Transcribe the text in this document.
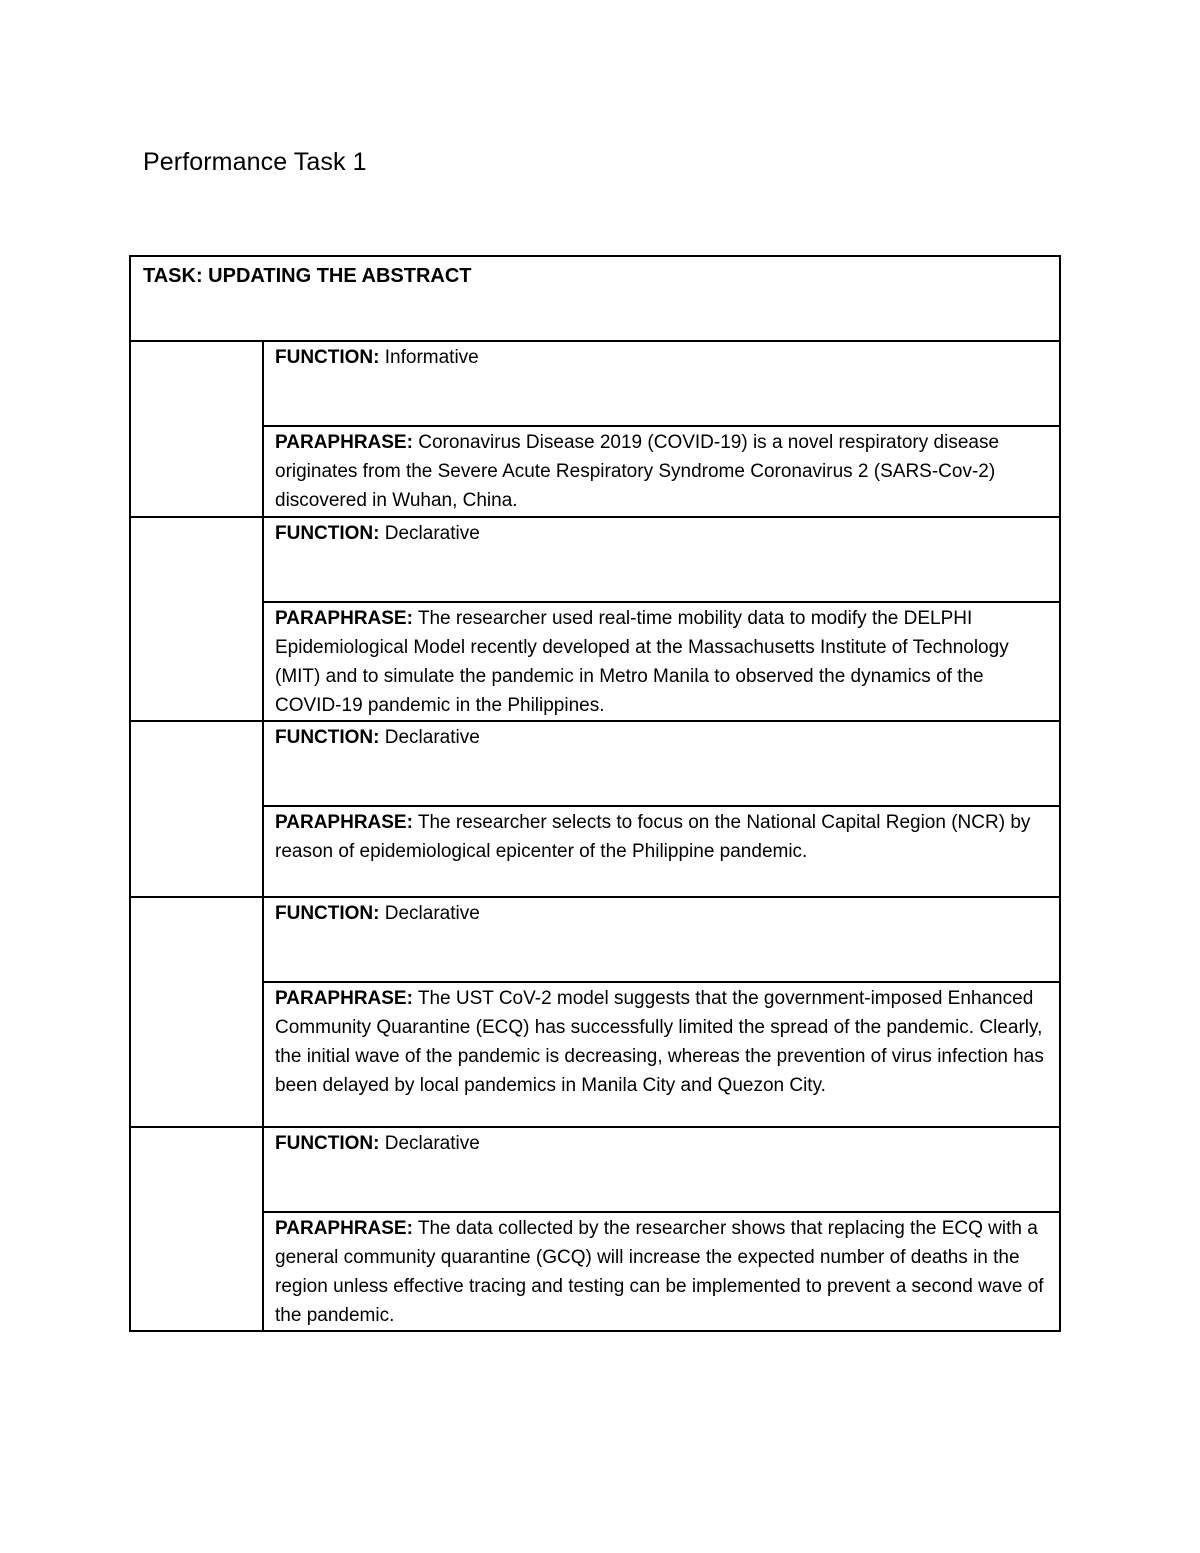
Performance Task 1
TASK: UPDATING THE ABSTRACT	

	FUNCTION: Informative

	PARAPHRASE: Coronavirus Disease 2019 (COVID-19) is a novel respiratory disease originates from the Severe Acute Respiratory Syndrome Coronavirus 2 (SARS-Cov-2) discovered in Wuhan, China.

	FUNCTION: Declarative

	PARAPHRASE: The researcher used real-time mobility data to modify the DELPHI Epidemiological Model recently developed at the Massachusetts Institute of Technology (MIT) and to simulate the pandemic in Metro Manila to observed the dynamics of the COVID-19 pandemic in the Philippines.

	FUNCTION: Declarative

	PARAPHRASE: The researcher selects to focus on the National Capital Region (NCR) by reason of epidemiological epicenter of the Philippine pandemic.

	FUNCTION: Declarative

	PARAPHRASE: The UST CoV-2 model suggests that the government-imposed Enhanced Community Quarantine (ECQ) has successfully limited the spread of the pandemic. Clearly, the initial wave of the pandemic is decreasing, whereas the prevention of virus infection has been delayed by local pandemics in Manila City and Quezon City.

	FUNCTION: Declarative

	PARAPHRASE: The data collected by the researcher shows that replacing the ECQ with a general community quarantine (GCQ) will increase the expected number of deaths in the region unless effective tracing and testing can be implemented to prevent a second wave of the pandemic.
